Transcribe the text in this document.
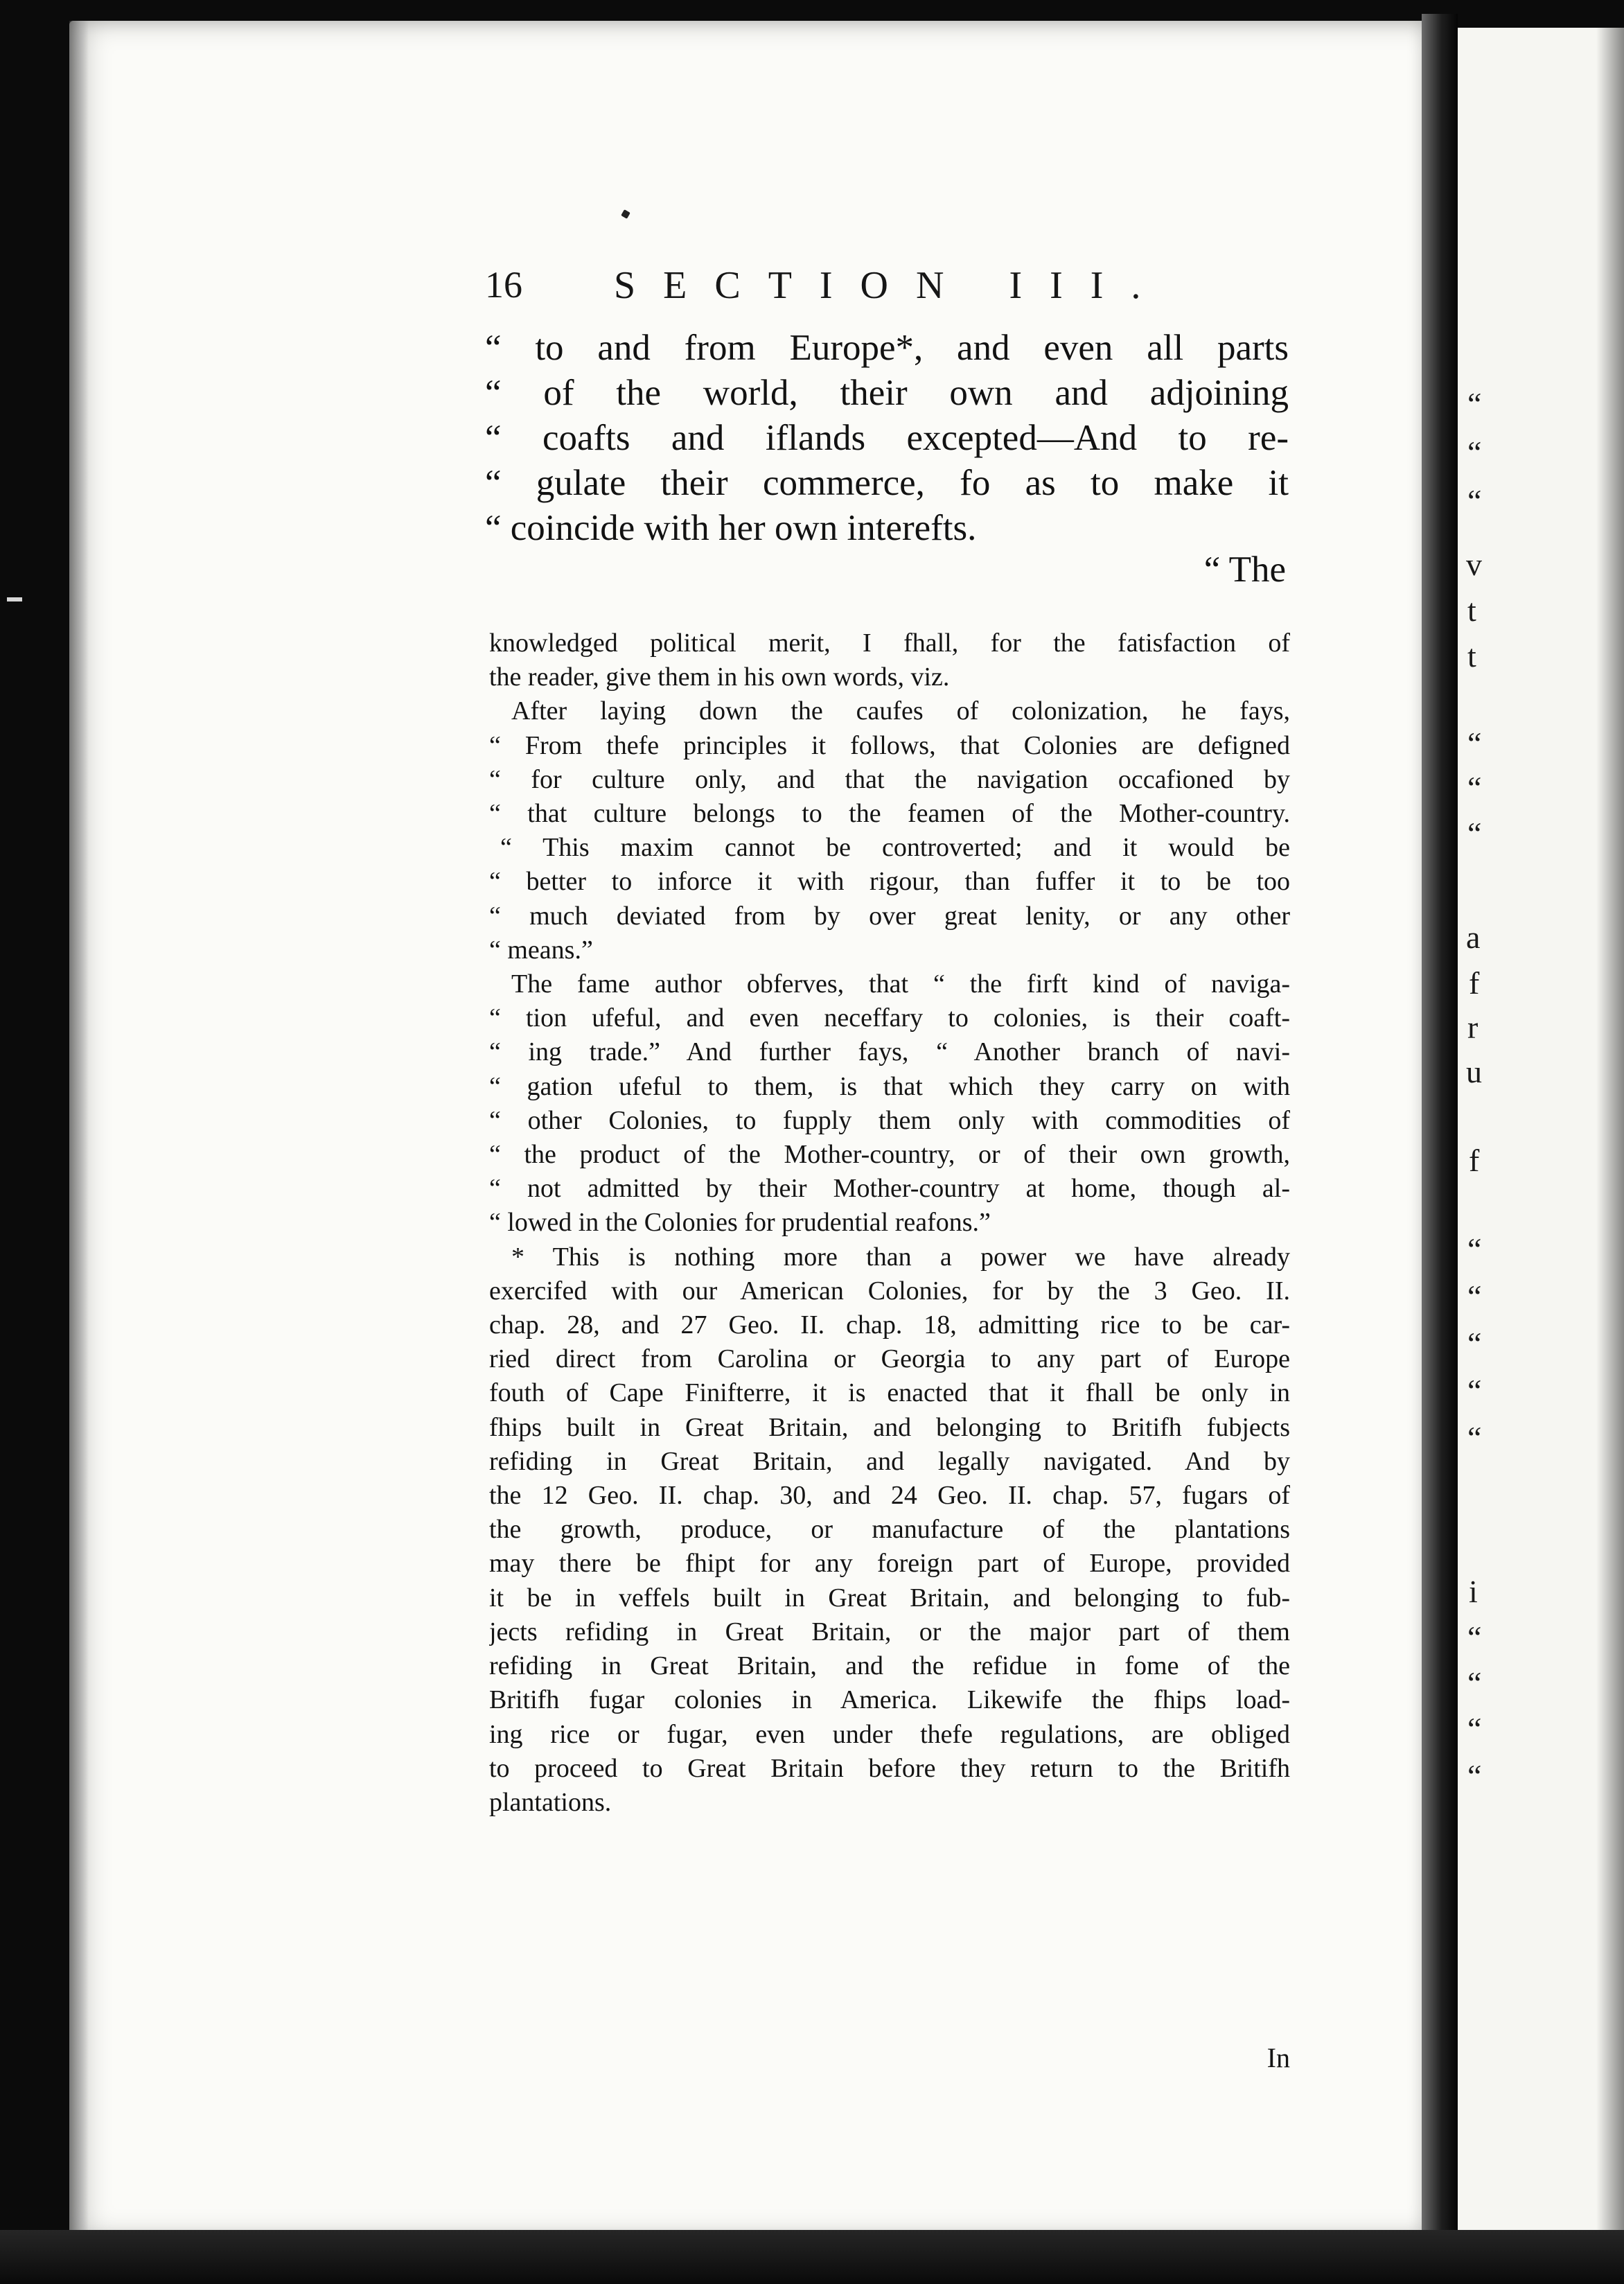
16 SECTION III.
“ to and from Europe*, and even all parts
“ of the world, their own and adjoining
“ coafts and iflands excepted—And to re-
“ gulate their commerce, fo as to make it
“ coincide with her own interefts.
“ The
knowledged political merit, I fhall, for the fatisfaction of
the reader, give them in his own words, viz.
After laying down the caufes of colonization, he fays,
“ From thefe principles it follows, that Colonies are defigned
“ for culture only, and that the navigation occafioned by
“ that culture belongs to the feamen of the Mother-country.
“ This maxim cannot be controverted; and it would be
“ better to inforce it with rigour, than fuffer it to be too
“ much deviated from by over great lenity, or any other
“ means.”
The fame author obferves, that “ the firft kind of naviga-
“ tion ufeful, and even neceffary to colonies, is their coaft-
“ ing trade.” And further fays, “ Another branch of navi-
“ gation ufeful to them, is that which they carry on with
“ other Colonies, to fupply them only with commodities of
“ the product of the Mother-country, or of their own growth,
“ not admitted by their Mother-country at home, though al-
“ lowed in the Colonies for prudential reafons.”
* This is nothing more than a power we have already
exercifed with our American Colonies, for by the 3 Geo. II.
chap. 28, and 27 Geo. II. chap. 18, admitting rice to be car-
ried direct from Carolina or Georgia to any part of Europe
fouth of Cape Finifterre, it is enacted that it fhall be only in
fhips built in Great Britain, and belonging to Britifh fubjects
refiding in Great Britain, and legally navigated. And by
the 12 Geo. II. chap. 30, and 24 Geo. II. chap. 57, fugars of
the growth, produce, or manufacture of the plantations
may there be fhipt for any foreign part of Europe, provided
it be in veffels built in Great Britain, and belonging to fub-
jects refiding in Great Britain, or the major part of them
refiding in Great Britain, and the refidue in fome of the
Britifh fugar colonies in America. Likewife the fhips load-
ing rice or fugar, even under thefe regulations, are obliged
to proceed to Great Britain before they return to the Britifh
plantations.
In
“
“
“
v
t
t
“
“
“
a
f
r
u
f
“
“
“
“
“
i
“
“
“
“
